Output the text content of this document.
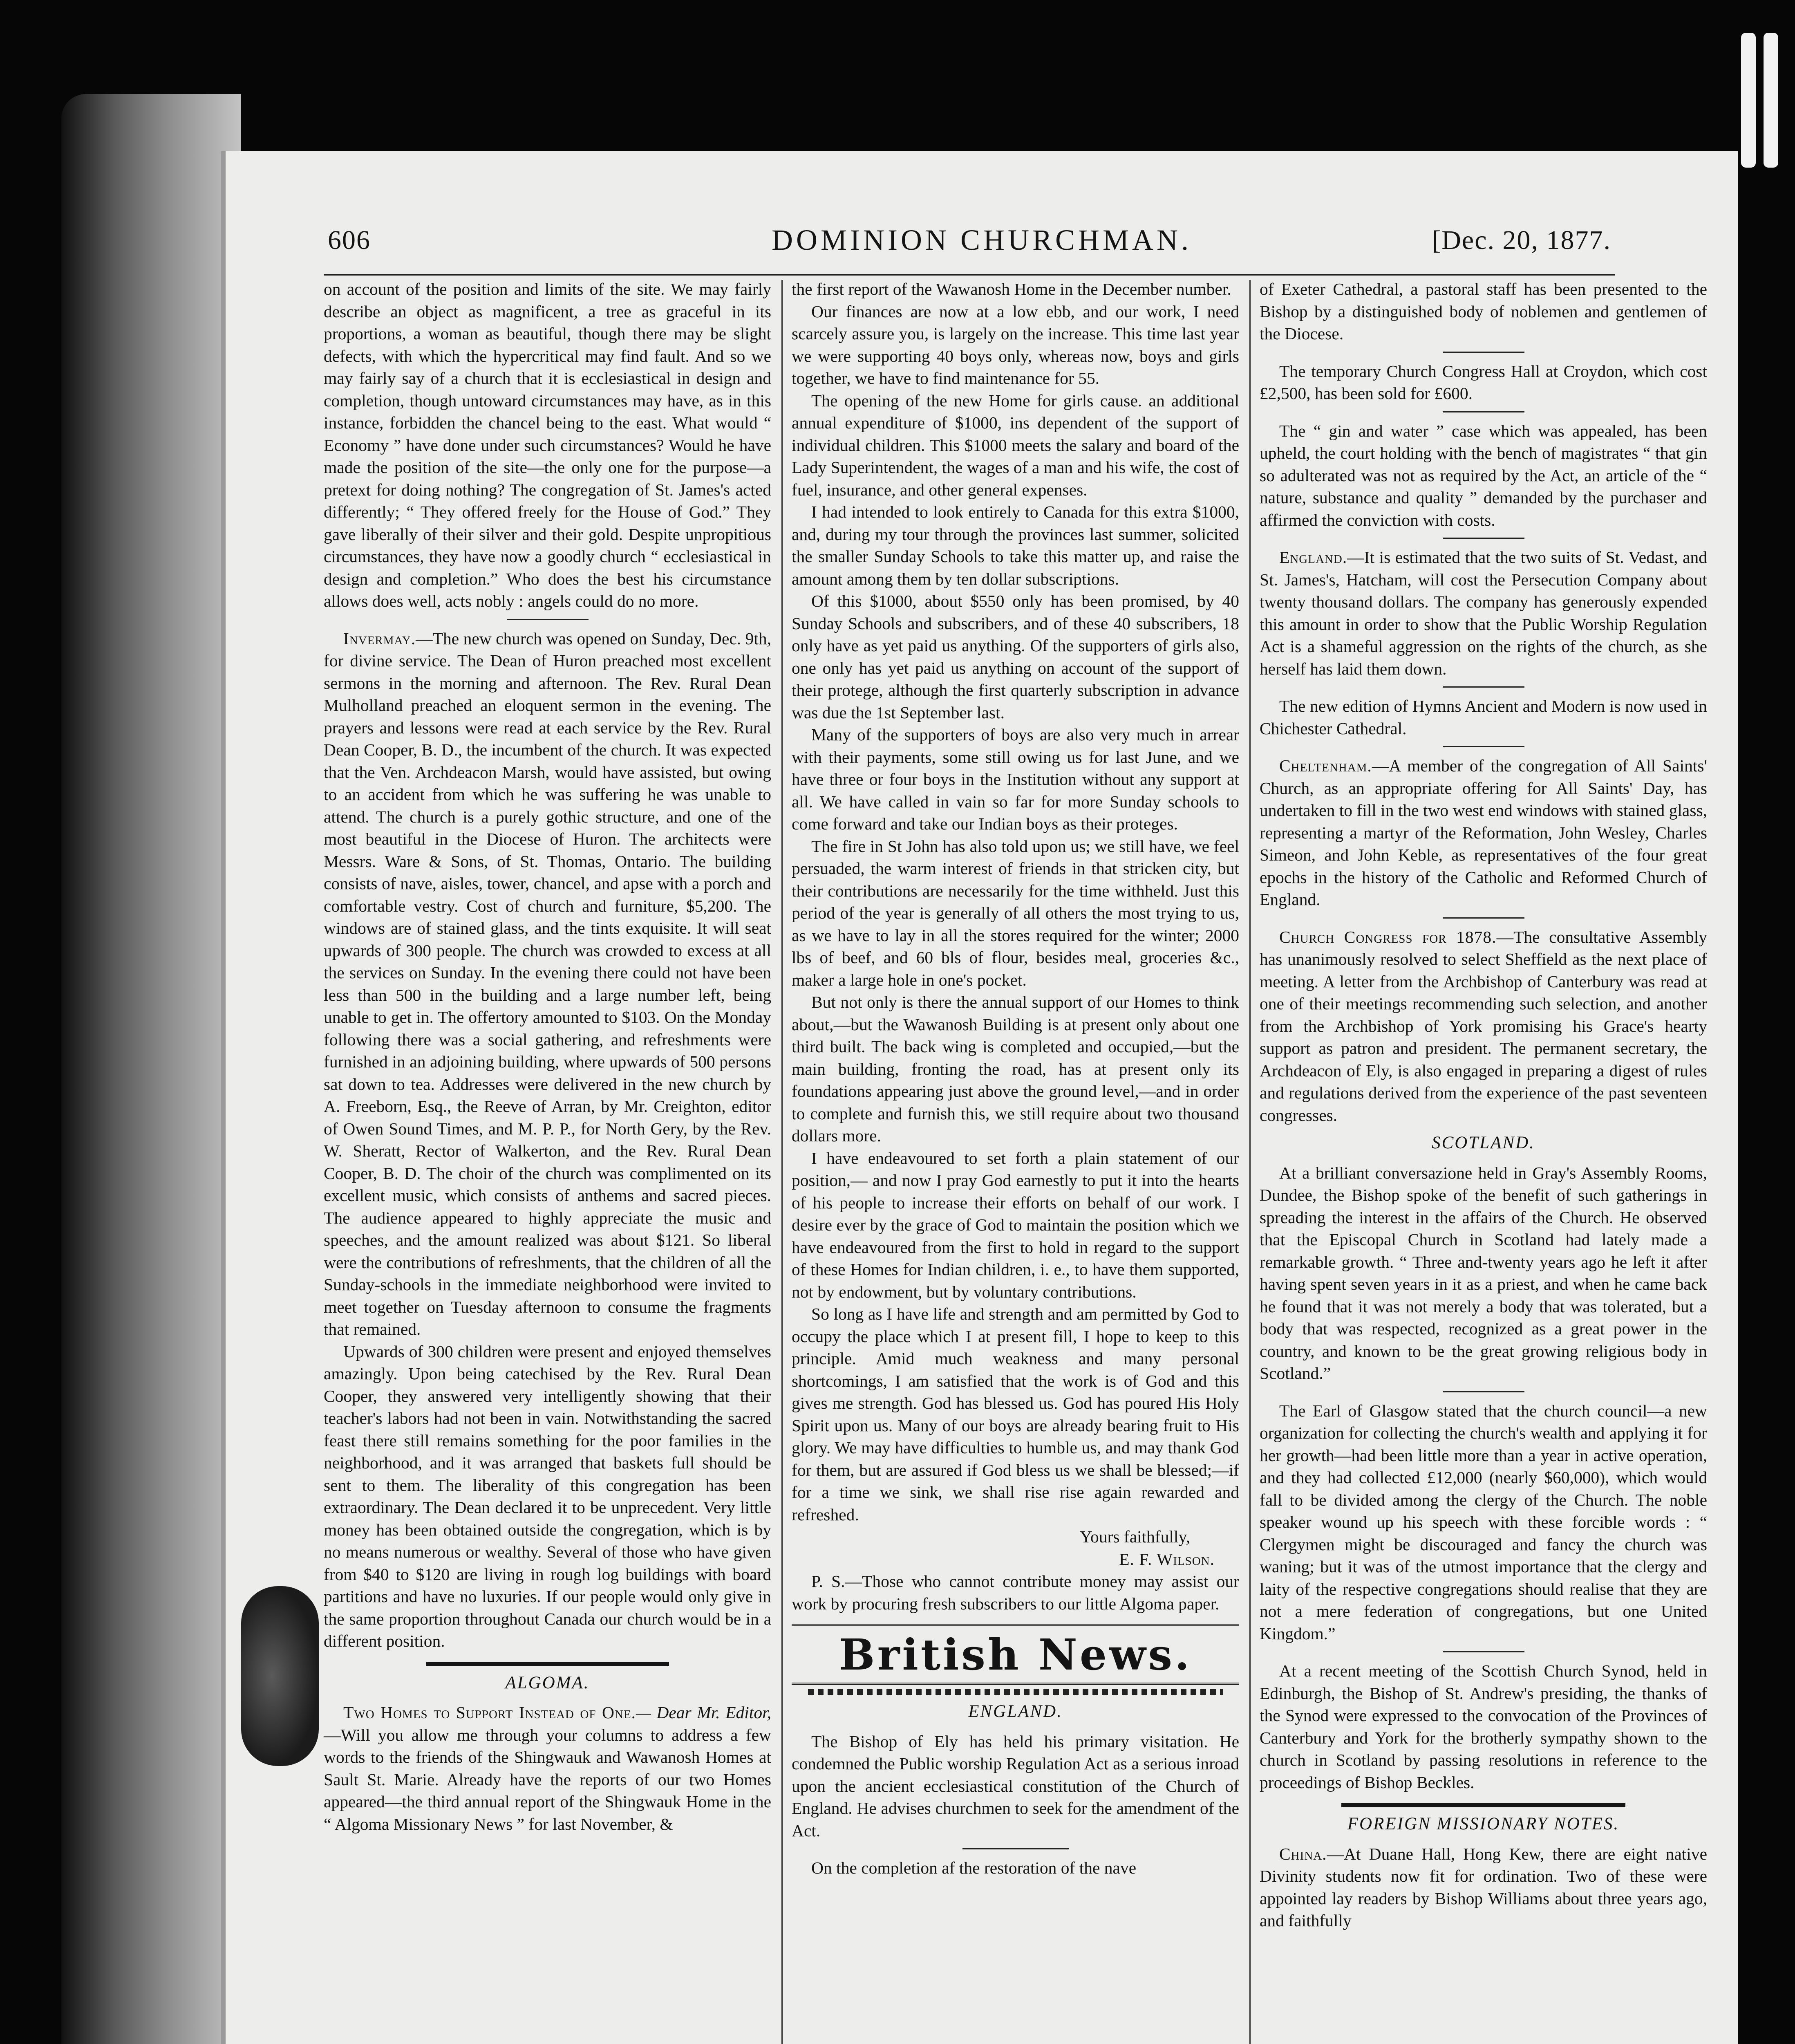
606	DOMINION CHURCHMAN.	[Dec. 20, 1877.

on account of the position and limits of the site. We may fairly describe an object as magnificent, a tree as graceful in its proportions, a woman as beautiful, though there may be slight defects, with which the hypercritical may find fault. And so we may fairly say of a church that it is ecclesiastical in design and completion, though untoward circumstances may have, as in this instance, forbidden the chancel being to the east. What would “ Economy ” have done under such circumstances? Would he have made the position of the site—the only one for the purpose—a pretext for doing nothing? The congregation of St. James's acted differently; “ They offered freely for the House of God.” They gave liberally of their silver and their gold. Despite unpropitious circumstances, they have now a goodly church “ ecclesiastical in design and completion.” Who does the best his circumstance allows does well, acts nobly : angels could do no more.

Invermay.—The new church was opened on Sunday, Dec. 9th, for divine service. The Dean of Huron preached most excellent sermons in the morning and afternoon. The Rev. Rural Dean Mulholland preached an eloquent sermon in the evening. The prayers and lessons were read at each service by the Rev. Rural Dean Cooper, B. D., the incumbent of the church. It was expected that the Ven. Archdeacon Marsh, would have assisted, but owing to an accident from which he was suffering he was unable to attend. The church is a purely gothic structure, and one of the most beautiful in the Diocese of Huron. The architects were Messrs. Ware & Sons, of St. Thomas, Ontario. The building consists of nave, aisles, tower, chancel, and apse with a porch and comfortable vestry. Cost of church and furniture, $5,200. The windows are of stained glass, and the tints exquisite. It will seat upwards of 300 people. The church was crowded to excess at all the services on Sunday. In the evening there could not have been less than 500 in the building and a large number left, being unable to get in. The offertory amounted to $103. On the Monday following there was a social gathering, and refreshments were furnished in an adjoining building, where upwards of 500 persons sat down to tea. Addresses were delivered in the new church by A. Freeborn, Esq., the Reeve of Arran, by Mr. Creighton, editor of Owen Sound Times, and M. P. P., for North Gery, by the Rev. W. Sheratt, Rector of Walkerton, and the Rev. Rural Dean Cooper, B. D. The choir of the church was complimented on its excellent music, which consists of anthems and sacred pieces. The audience appeared to highly appreciate the music and speeches, and the amount realized was about $121. So liberal were the contributions of refreshments, that the children of all the Sunday-schools in the immediate neighborhood were invited to meet together on Tuesday afternoon to consume the fragments that remained.

Upwards of 300 children were present and enjoyed themselves amazingly. Upon being catechised by the Rev. Rural Dean Cooper, they answered very intelligently showing that their teacher's labors had not been in vain. Notwithstanding the sacred feast there still remains something for the poor families in the neighborhood, and it was arranged that baskets full should be sent to them. The liberality of this congregation has been extraordinary. The Dean declared it to be unprecedent. Very little money has been obtained outside the congregation, which is by no means numerous or wealthy. Several of those who have given from $40 to $120 are living in rough log buildings with board partitions and have no luxuries. If our people would only give in the same proportion throughout Canada our church would be in a different position.

ALGOMA.

Two Homes to Support Instead of One.— Dear Mr. Editor,—Will you allow me through your columns to address a few words to the friends of the Shingwauk and Wawanosh Homes at Sault St. Marie. Already have the reports of our two Homes appeared—the third annual report of the Shingwauk Home in the “ Algoma Missionary News ” for last November, &

the first report of the Wawanosh Home in the December number.

Our finances are now at a low ebb, and our work, I need scarcely assure you, is largely on the increase. This time last year we were supporting 40 boys only, whereas now, boys and girls together, we have to find maintenance for 55.

The opening of the new Home for girls cause. an additional annual expenditure of $1000, ins dependent of the support of individual children. This $1000 meets the salary and board of the Lady Superintendent, the wages of a man and his wife, the cost of fuel, insurance, and other general expenses.

I had intended to look entirely to Canada for this extra $1000, and, during my tour through the provinces last summer, solicited the smaller Sunday Schools to take this matter up, and raise the amount among them by ten dollar subscriptions.

Of this $1000, about $550 only has been promised, by 40 Sunday Schools and subscribers, and of these 40 subscribers, 18 only have as yet paid us anything. Of the supporters of girls also, one only has yet paid us anything on account of the support of their protege, although the first quarterly subscription in advance was due the 1st September last.

Many of the supporters of boys are also very much in arrear with their payments, some still owing us for last June, and we have three or four boys in the Institution without any support at all. We have called in vain so far for more Sunday schools to come forward and take our Indian boys as their proteges.

The fire in St John has also told upon us; we still have, we feel persuaded, the warm interest of friends in that stricken city, but their contributions are necessarily for the time withheld. Just this period of the year is generally of all others the most trying to us, as we have to lay in all the stores required for the winter; 2000 lbs of beef, and 60 bls of flour, besides meal, groceries &c., maker a large hole in one's pocket.

But not only is there the annual support of our Homes to think about,—but the Wawanosh Building is at present only about one third built. The back wing is completed and occupied,—but the main building, fronting the road, has at present only its foundations appearing just above the ground level,—and in order to complete and furnish this, we still require about two thousand dollars more.

I have endeavoured to set forth a plain statement of our position,— and now I pray God earnestly to put it into the hearts of his people to increase their efforts on behalf of our work. I desire ever by the grace of God to maintain the position which we have endeavoured from the first to hold in regard to the support of these Homes for Indian children, i. e., to have them supported, not by endowment, but by voluntary contributions.

So long as I have life and strength and am permitted by God to occupy the place which I at present fill, I hope to keep to this principle. Amid much weakness and many personal shortcomings, I am satisfied that the work is of God and this gives me strength. God has blessed us. God has poured His Holy Spirit upon us. Many of our boys are already bearing fruit to His glory. We may have difficulties to humble us, and may thank God for them, but are assured if God bless us we shall be blessed;—if for a time we sink, we shall rise rise again rewarded and refreshed.

Yours faithfully,

E. F. Wilson.

P. S.—Those who cannot contribute money may assist our work by procuring fresh subscribers to our little Algoma paper.

British News.
ENGLAND.

The Bishop of Ely has held his primary visitation. He condemned the Public worship Regulation Act as a serious inroad upon the ancient ecclesiastical constitution of the Church of England. He advises churchmen to seek for the amendment of the Act.

On the completion af the restoration of the nave

of Exeter Cathedral, a pastoral staff has been presented to the Bishop by a distinguished body of noblemen and gentlemen of the Diocese.

The temporary Church Congress Hall at Croydon, which cost £2,500, has been sold for £600.

The “ gin and water ” case which was appealed, has been upheld, the court holding with the bench of magistrates “ that gin so adulterated was not as required by the Act, an article of the “ nature, substance and quality ” demanded by the purchaser and affirmed the conviction with costs.

England.—It is estimated that the two suits of St. Vedast, and St. James's, Hatcham, will cost the Persecution Company about twenty thousand dollars. The company has generously expended this amount in order to show that the Public Worship Regulation Act is a shameful aggression on the rights of the church, as she herself has laid them down.

The new edition of Hymns Ancient and Modern is now used in Chichester Cathedral.

Cheltenham.—A member of the congregation of All Saints' Church, as an appropriate offering for All Saints' Day, has undertaken to fill in the two west end windows with stained glass, representing a martyr of the Reformation, John Wesley, Charles Simeon, and John Keble, as representatives of the four great epochs in the history of the Catholic and Reformed Church of England.

Church Congress for 1878.—The consultative Assembly has unanimously resolved to select Sheffield as the next place of meeting. A letter from the Archbishop of Canterbury was read at one of their meetings recommending such selection, and another from the Archbishop of York promising his Grace's hearty support as patron and president. The permanent secretary, the Archdeacon of Ely, is also engaged in preparing a digest of rules and regulations derived from the experience of the past seventeen congresses.

SCOTLAND.

At a brilliant conversazione held in Gray's Assembly Rooms, Dundee, the Bishop spoke of the benefit of such gatherings in spreading the interest in the affairs of the Church. He observed that the Episcopal Church in Scotland had lately made a remarkable growth. “ Three and-twenty years ago he left it after having spent seven years in it as a priest, and when he came back he found that it was not merely a body that was tolerated, but a body that was respected, recognized as a great power in the country, and known to be the great growing religious body in Scotland.”

The Earl of Glasgow stated that the church council—a new organization for collecting the church's wealth and applying it for her growth—had been little more than a year in active operation, and they had collected £12,000 (nearly $60,000), which would fall to be divided among the clergy of the Church. The noble speaker wound up his speech with these forcible words : “ Clergymen might be discouraged and fancy the church was waning; but it was of the utmost importance that the clergy and laity of the respective congregations should realise that they are not a mere federation of congregations, but one United Kingdom.”

At a recent meeting of the Scottish Church Synod, held in Edinburgh, the Bishop of St. Andrew's presiding, the thanks of the Synod were expressed to the convocation of the Provinces of Canterbury and York for the brotherly sympathy shown to the church in Scotland by passing resolutions in reference to the proceedings of Bishop Beckles.

FOREIGN MISSIONARY NOTES.

China.—At Duane Hall, Hong Kew, there are eight native Divinity students now fit for ordination. Two of these were appointed lay readers by Bishop Williams about three years ago, and faithfully
